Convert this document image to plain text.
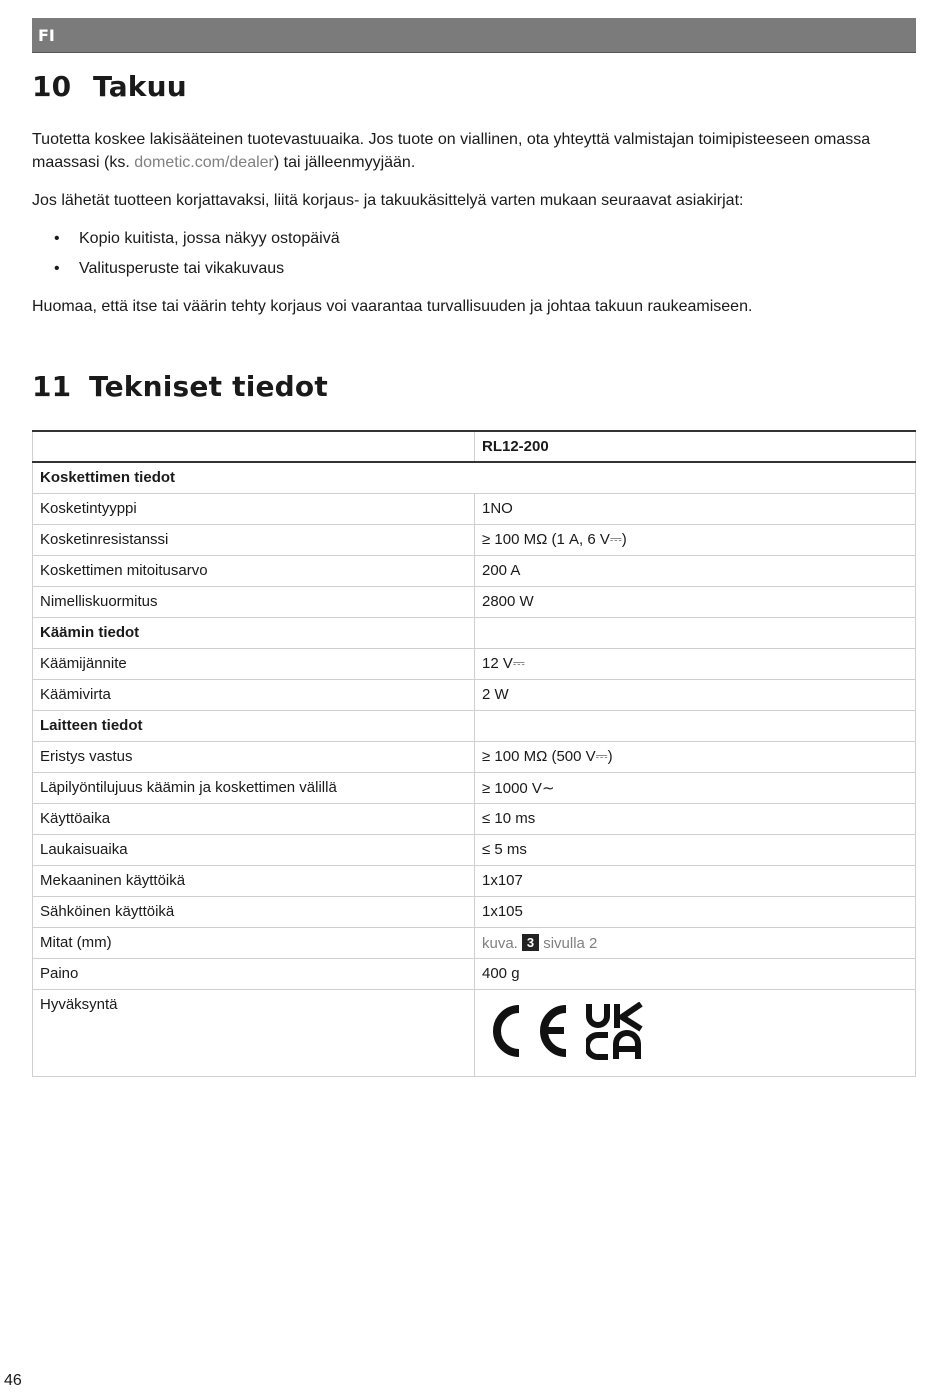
FI
10 Takuu

Tuotetta koskee lakisääteinen tuotevastuuaika. Jos tuote on viallinen, ota yhteyttä valmistajan toimipisteeseen omassa maassasi (ks. dometic.com/dealer) tai jälleenmyyjään.

Jos lähetät tuotteen korjattavaksi, liitä korjaus- ja takuukäsittelyä varten mukaan seuraavat asiakirjat:

• Kopio kuitista, jossa näkyy ostopäivä
• Valitusperuste tai vikakuvaus

Huomaa, että itse tai väärin tehty korjaus voi vaarantaa turvallisuuden ja johtaa takuun raukeamiseen.

11 Tekniset tiedot
	RL12-200
Koskettimen tiedot	
Kosketintyyppi	1NO
Kosketinresistanssi	≥ 100 MΩ (1 A, 6 V⎓)
Koskettimen mitoitusarvo	200 A
Nimelliskuormitus	2800 W
Käämin tiedot	
Käämijännite	12 V⎓
Käämivirta	2 W
Laitteen tiedot	
Eristys vastus	≥ 100 MΩ (500 V⎓)
Läpilyöntilujuus käämin ja koskettimen välillä	≥ 1000 V∼
Käyttöaika	≤ 10 ms
Laukaisuaika	≤ 5 ms
Mekaaninen käyttöikä	1x107
Sähköinen käyttöikä	1x105
Mitat (mm)	kuva. 3 sivulla 2
Paino	400 g
Hyväksyntä	
46
